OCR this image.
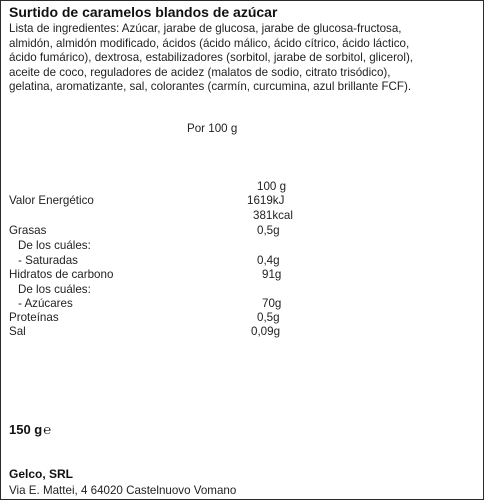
Surtido de caramelos blandos de azúcar
Lista de ingredientes: Azúcar, jarabe de glucosa, jarabe de glucosa-fructosa,
almidón, almidón modificado, ácidos (ácido málico, ácido cítrico, ácido láctico,
ácido fumárico), dextrosa, estabilizadores (sorbitol, jarabe de sorbitol, glicerol),
aceite de coco, reguladores de acidez (malatos de sodio, citrato trisódico),
gelatina, aromatizante, sal, colorantes (carmín, curcumina, azul brillante FCF).
Por 100 g
100 g
Valor Energético	1619kJ
381kcal
Grasas	0,5g
De los cuáles:
- Saturadas	0,4g
Hidratos de carbono	91g
De los cuáles:
- Azúcares	70g
Proteínas	0,5g
Sal	0,09g
150 g℮
Gelco, SRL
Via E. Mattei, 4 64020 Castelnuovo Vomano
